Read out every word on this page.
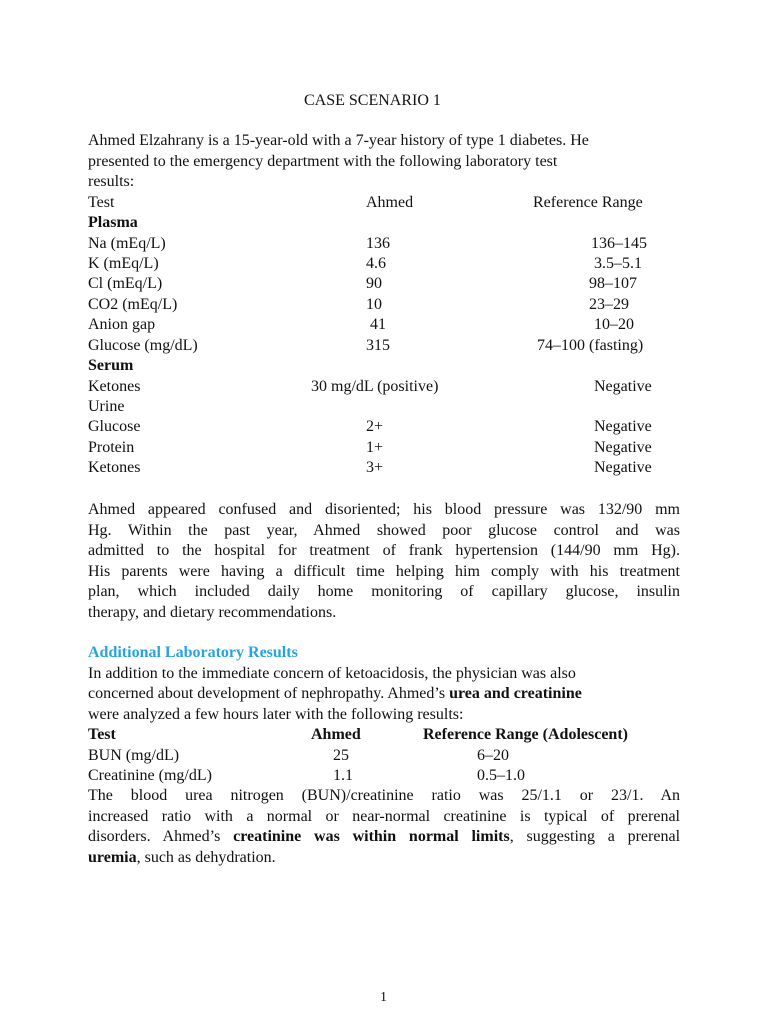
CASE SCENARIO 1
Ahmed Elzahrany is a 15-year-old with a 7-year history of type 1 diabetes. He
presented to the emergency department with the following laboratory test
results:
Test	Ahmed	Reference Range
Plasma
Na (mEq/L)	136	136–145
K (mEq/L)	4.6	3.5–5.1
Cl (mEq/L)	90	98–107
CO2 (mEq/L)	10	23–29
Anion gap	41	10–20
Glucose (mg/dL)	315	74–100 (fasting)
Serum
Ketones	30 mg/dL (positive)	Negative
Urine
Glucose	2+	Negative
Protein	1+	Negative
Ketones	3+	Negative
Ahmed appeared confused and disoriented; his blood pressure was 132/90 mm
Hg. Within the past year, Ahmed showed poor glucose control and was
admitted to the hospital for treatment of frank hypertension (144/90 mm Hg).
His parents were having a difficult time helping him comply with his treatment
plan, which included daily home monitoring of capillary glucose, insulin
therapy, and dietary recommendations.
Additional Laboratory Results
In addition to the immediate concern of ketoacidosis, the physician was also
concerned about development of nephropathy. Ahmed’s urea and creatinine
were analyzed a few hours later with the following results:
Test	Ahmed	Reference Range (Adolescent)
BUN (mg/dL)	25	6–20
Creatinine (mg/dL)	1.1	0.5–1.0
The blood urea nitrogen (BUN)/creatinine ratio was 25/1.1 or 23/1. An
increased ratio with a normal or near-normal creatinine is typical of prerenal
disorders. Ahmed’s creatinine was within normal limits, suggesting a prerenal
uremia, such as dehydration.
1
